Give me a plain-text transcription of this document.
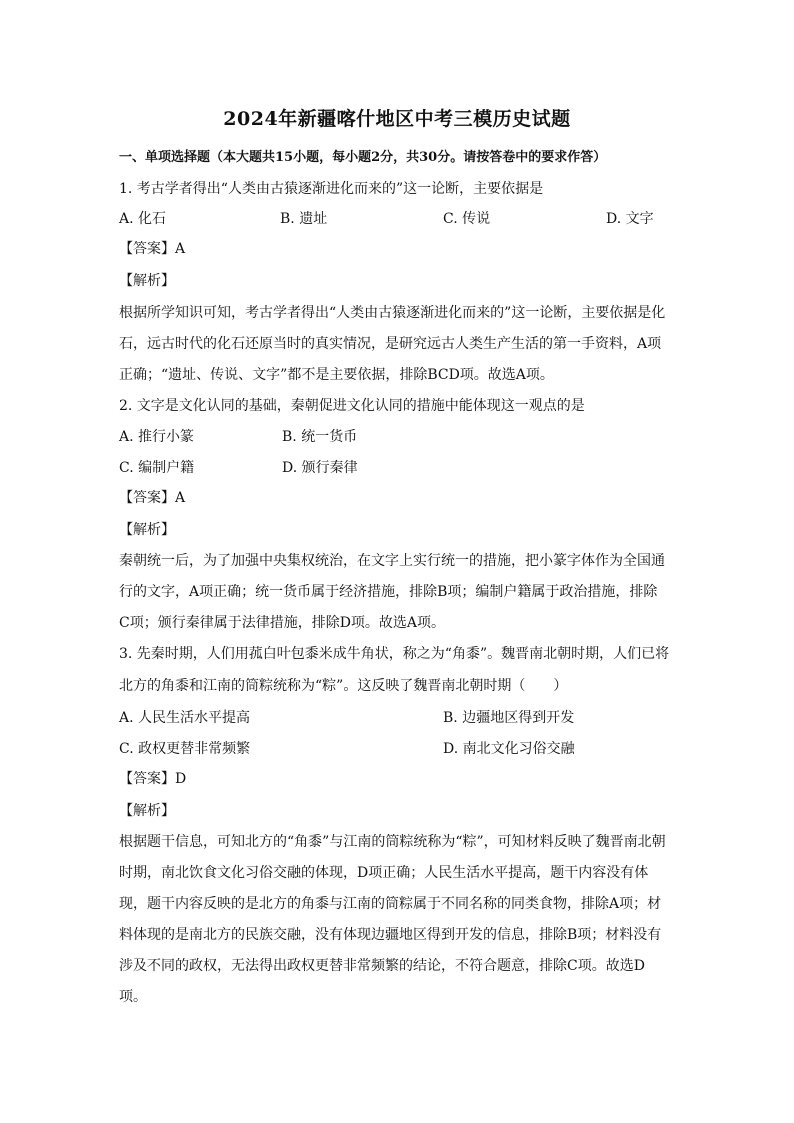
2024年新疆喀什地区中考三模历史试题
一、单项选择题（本大题共15小题，每小题2分，共30分。请按答卷中的要求作答）
1. 考古学者得出“人类由古猿逐渐进化而来的”这一论断，主要依据是
A. 化石	B. 遗址	C. 传说	D. 文字
【答案】A
【解析】
根据所学知识可知，考古学者得出“人类由古猿逐渐进化而来的”这一论断，主要依据是化
石，远古时代的化石还原当时的真实情况，是研究远古人类生产生活的第一手资料，A项
正确；“遗址、传说、文字”都不是主要依据，排除BCD项。故选A项。
2. 文字是文化认同的基础，秦朝促进文化认同的措施中能体现这一观点的是
A. 推行小篆	B. 统一货币
C. 编制户籍	D. 颁行秦律
【答案】A
【解析】
秦朝统一后，为了加强中央集权统治，在文字上实行统一的措施，把小篆字体作为全国通
行的文字，A项正确；统一货币属于经济措施，排除B项；编制户籍属于政治措施，排除
C项；颁行秦律属于法律措施，排除D项。故选A项。
3. 先秦时期，人们用菰白叶包黍米成牛角状，称之为“角黍”。魏晋南北朝时期，人们已将
北方的角黍和江南的筒粽统称为“粽”。这反映了魏晋南北朝时期（　　）
A. 人民生活水平提高	B. 边疆地区得到开发
C. 政权更替非常频繁	D. 南北文化习俗交融
【答案】D
【解析】
根据题干信息，可知北方的“角黍”与江南的筒粽统称为“粽”，可知材料反映了魏晋南北朝
时期，南北饮食文化习俗交融的体现，D项正确；人民生活水平提高，题干内容没有体
现，题干内容反映的是北方的角黍与江南的筒粽属于不同名称的同类食物，排除A项；材
料体现的是南北方的民族交融，没有体现边疆地区得到开发的信息，排除B项；材料没有
涉及不同的政权，无法得出政权更替非常频繁的结论，不符合题意，排除C项。故选D
项。
